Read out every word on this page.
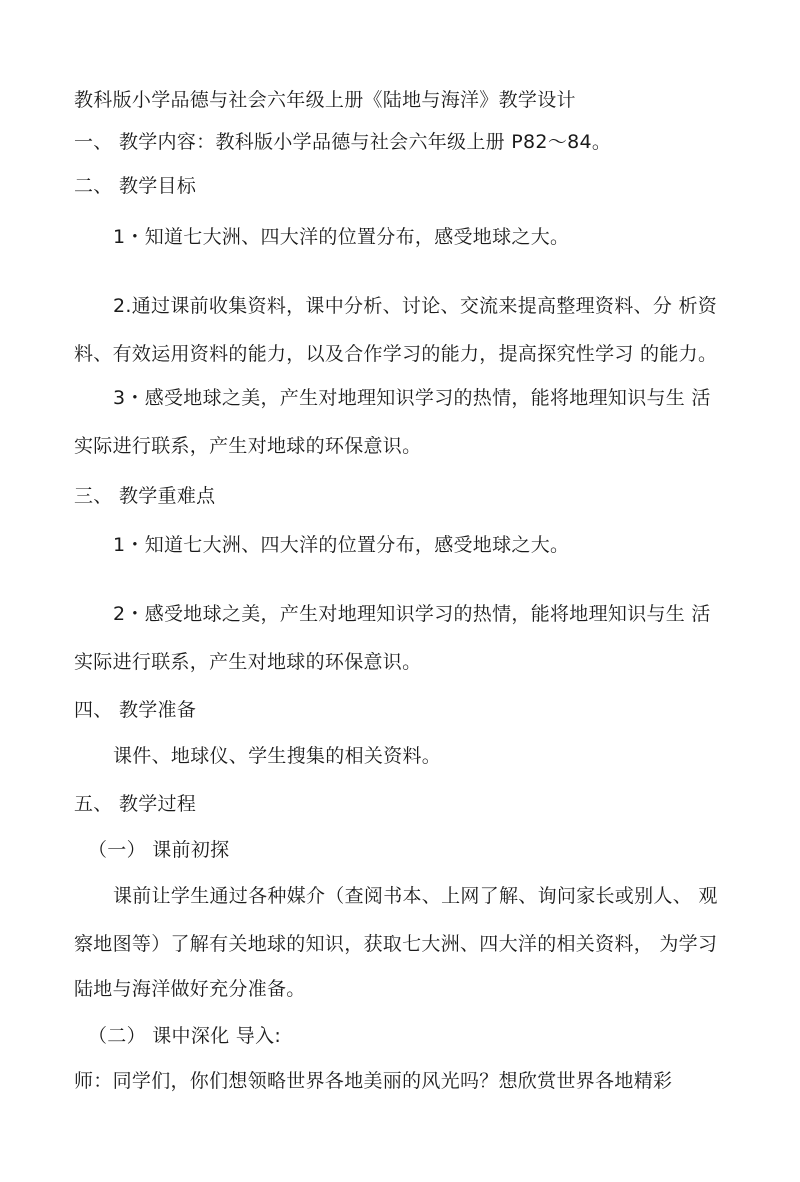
教科版小学品德与社会六年级上册《陆地与海洋》教学设计
一、 教学内容：教科版小学品德与社会六年级上册 P82～84。
二、 教学目标
1・知道七大洲、四大洋的位置分布，感受地球之大。
2.通过课前收集资料，课中分析、讨论、交流来提高整理资料、分 析资
料、有效运用资料的能力，以及合作学习的能力，提高探究性学习 的能力。
3・感受地球之美，产生对地理知识学习的热情，能将地理知识与生 活
实际进行联系，产生对地球的环保意识。
三、 教学重难点
1・知道七大洲、四大洋的位置分布，感受地球之大。
2・感受地球之美，产生对地理知识学习的热情，能将地理知识与生 活
实际进行联系，产生对地球的环保意识。
四、 教学准备
课件、地球仪、学生搜集的相关资料。
五、 教学过程
（一） 课前初探
课前让学生通过各种媒介（查阅书本、上网了解、询问家长或别人、 观
察地图等）了解有关地球的知识，获取七大洲、四大洋的相关资料， 为学习
陆地与海洋做好充分准备。
（二） 课中深化 导入:
师：同学们，你们想领略世界各地美丽的风光吗？想欣赏世界各地精彩
